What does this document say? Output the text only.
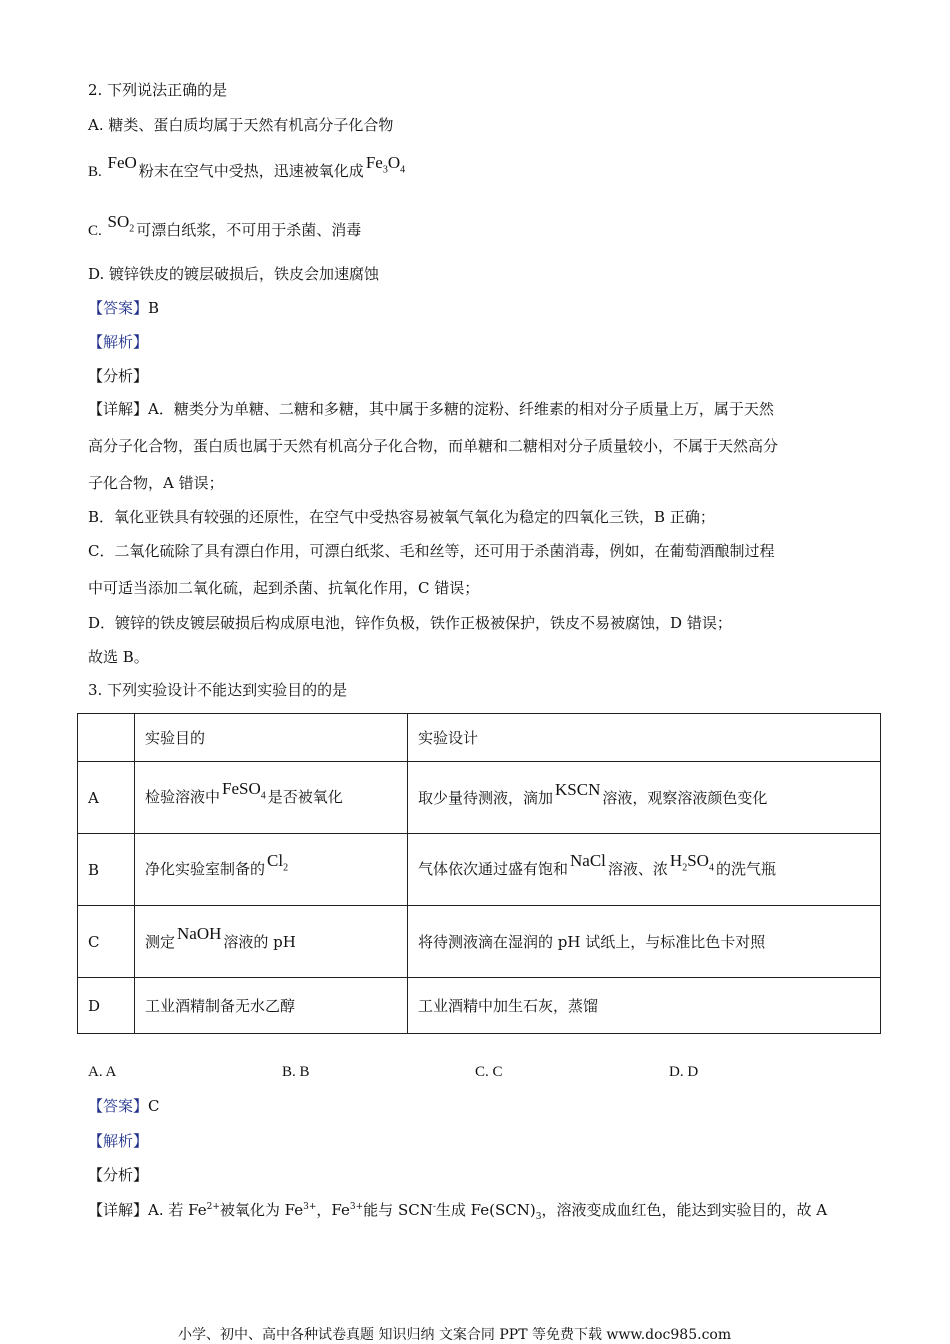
2. 下列说法正确的是
A. 糖类、蛋白质均属于天然有机高分子化合物
B. FeO 粉末在空气中受热，迅速被氧化成 $Fe_3O_4$
C. $SO_2$ 可漂白纸浆，不可用于杀菌、消毒
D. 镀锌铁皮的镀层破损后，铁皮会加速腐蚀
【答案】B
【解析】
【分析】
【详解】A．糖类分为单糖、二糖和多糖，其中属于多糖的淀粉、纤维素的相对分子质量上万，属于天然
高分子化合物，蛋白质也属于天然有机高分子化合物，而单糖和二糖相对分子质量较小，不属于天然高分
子化合物，A 错误；
B．氧化亚铁具有较强的还原性，在空气中受热容易被氧气氧化为稳定的四氧化三铁，B 正确；
C．二氧化硫除了具有漂白作用，可漂白纸浆、毛和丝等，还可用于杀菌消毒，例如，在葡萄酒酿制过程
中可适当添加二氧化硫，起到杀菌、抗氧化作用，C 错误；
D．镀锌的铁皮镀层破损后构成原电池，锌作负极，铁作正极被保护，铁皮不易被腐蚀，D 错误；
故选 B。
3. 下列实验设计不能达到实验目的的是
	实验目的	实验设计
A	检验溶液中 FeSO$_4$ 是否被氧化	取少量待测液，滴加 KSCN 溶液，观察溶液颜色变化
B	净化实验室制备的 $Cl_2$	气体依次通过盛有饱和 NaCl 溶液、浓 $H_2SO_4$ 的洗气瓶
C	测定 NaOH 溶液的 pH	将待测液滴在湿润的 pH 试纸上，与标准比色卡对照
D	工业酒精制备无水乙醇	工业酒精中加生石灰，蒸馏
A. A	B. B	C. C	D. D
【答案】C
【解析】
【分析】
【详解】A. 若 $Fe^{2+}$被氧化为 $Fe^{3+}$，$Fe^{3+}$能与 SCN-生成 $Fe(SCN)_3$，溶液变成血红色，能达到实验目的，故 A
小学、初中、高中各种试卷真题 知识归纳 文案合同 PPT 等免费下载 www.doc985.com
